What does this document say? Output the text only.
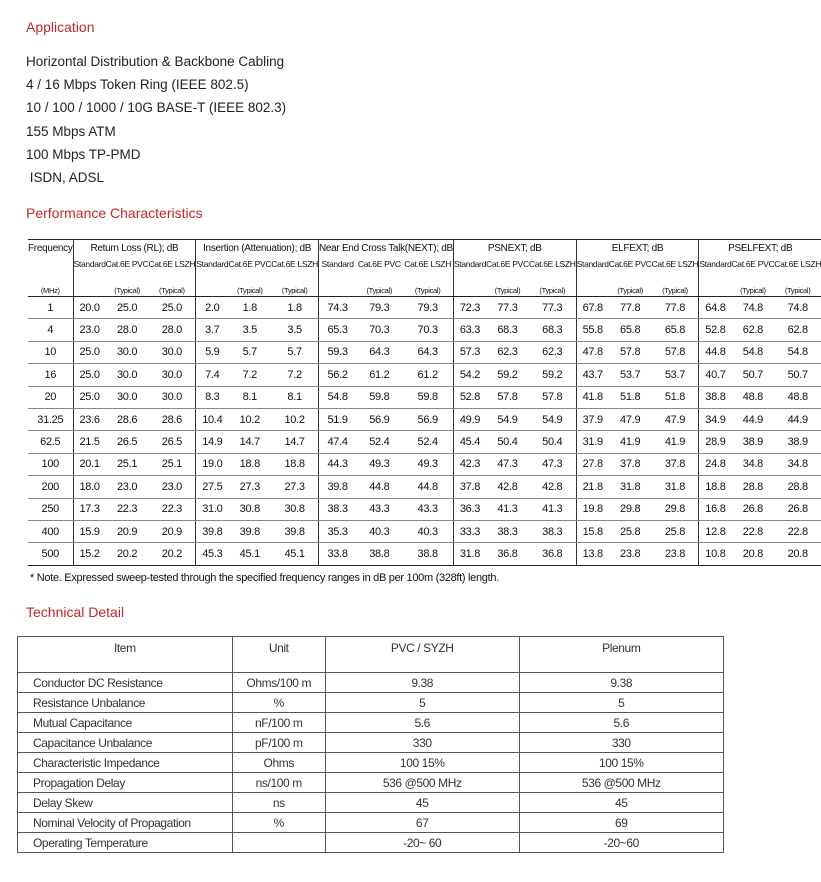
Application
Horizontal Distribution & Backbone Cabling
4 / 16 Mbps Token Ring (IEEE 802.5)
10 / 100 / 1000 / 10G BASE-T (IEEE 802.3)
155 Mbps ATM
100 Mbps TP-PMD
ISDN, ADSL
Performance Characteristics
Frequency	Return Loss (RL); dB			Insertion (Attenuation); dB			Near End Cross Talk(NEXT); dB			PSNEXT; dB			ELFEXT; dB			PSELFEXT; dB		
	Standard	Cat.6E PVC	Cat.6E LSZH	Standard	Cat.6E PVC	Cat.6E LSZH	Standard	Cat.6E PVC	Cat.6E LSZH	Standard	Cat.6E PVC	Cat.6E LSZH	Standard	Cat.6E PVC	Cat.6E LSZH	Standard	Cat.6E PVC	Cat.6E LSZH
(MHz)		(Typical)	(Typical)		(Typical)	(Typical)		(Typical)	(Typical)		(Typical)	(Typical)		(Typical)	(Typical)		(Typical)	(Typical)
1	20.0	25.0	25.0	2.0	1.8	1.8	74.3	79.3	79.3	72.3	77.3	77.3	67.8	77.8	77.8	64.8	74.8	74.8
4	23.0	28.0	28.0	3.7	3.5	3.5	65.3	70.3	70.3	63.3	68.3	68.3	55.8	65.8	65.8	52.8	62.8	62.8
10	25.0	30.0	30.0	5.9	5.7	5.7	59.3	64.3	64.3	57.3	62.3	62.3	47.8	57.8	57.8	44.8	54.8	54.8
16	25.0	30.0	30.0	7.4	7.2	7.2	56.2	61.2	61.2	54.2	59.2	59.2	43.7	53.7	53.7	40.7	50.7	50.7
20	25.0	30.0	30.0	8.3	8.1	8.1	54.8	59.8	59.8	52.8	57.8	57.8	41.8	51.8	51.8	38.8	48.8	48.8
31.25	23.6	28.6	28.6	10.4	10.2	10.2	51.9	56.9	56.9	49.9	54.9	54.9	37.9	47.9	47.9	34.9	44.9	44.9
62.5	21.5	26.5	26.5	14.9	14.7	14.7	47.4	52.4	52.4	45.4	50.4	50.4	31.9	41.9	41.9	28.9	38.9	38.9
100	20.1	25.1	25.1	19.0	18.8	18.8	44.3	49.3	49.3	42.3	47.3	47.3	27.8	37.8	37.8	24.8	34.8	34.8
200	18.0	23.0	23.0	27.5	27.3	27.3	39.8	44.8	44.8	37.8	42.8	42.8	21.8	31.8	31.8	18.8	28.8	28.8
250	17.3	22.3	22.3	31.0	30.8	30.8	38.3	43.3	43.3	36.3	41.3	41.3	19.8	29.8	29.8	16.8	26.8	26.8
400	15.9	20.9	20.9	39.8	39.8	39.8	35.3	40.3	40.3	33.3	38.3	38.3	15.8	25.8	25.8	12.8	22.8	22.8
500	15.2	20.2	20.2	45.3	45.1	45.1	33.8	38.8	38.8	31.8	36.8	36.8	13.8	23.8	23.8	10.8	20.8	20.8
* Note. Expressed sweep-tested through the specified frequency ranges in dB per 100m (328ft) length.
Technical Detail
Item	Unit	PVC / SYZH	Plenum
Conductor DC Resistance	Ohms/100 m	9.38	9.38
Resistance Unbalance	%	5	5
Mutual Capacitance	nF/100 m	5.6	5.6
Capacitance Unbalance	pF/100 m	330	330
Characteristic Impedance	Ohms	100 15%	100 15%
Propagation Delay	ns/100 m	536 @500 MHz	536 @500 MHz
Delay Skew	ns	45	45
Nominal Velocity of Propagation	%	67	69
Operating Temperature		-20~ 60	-20~60
